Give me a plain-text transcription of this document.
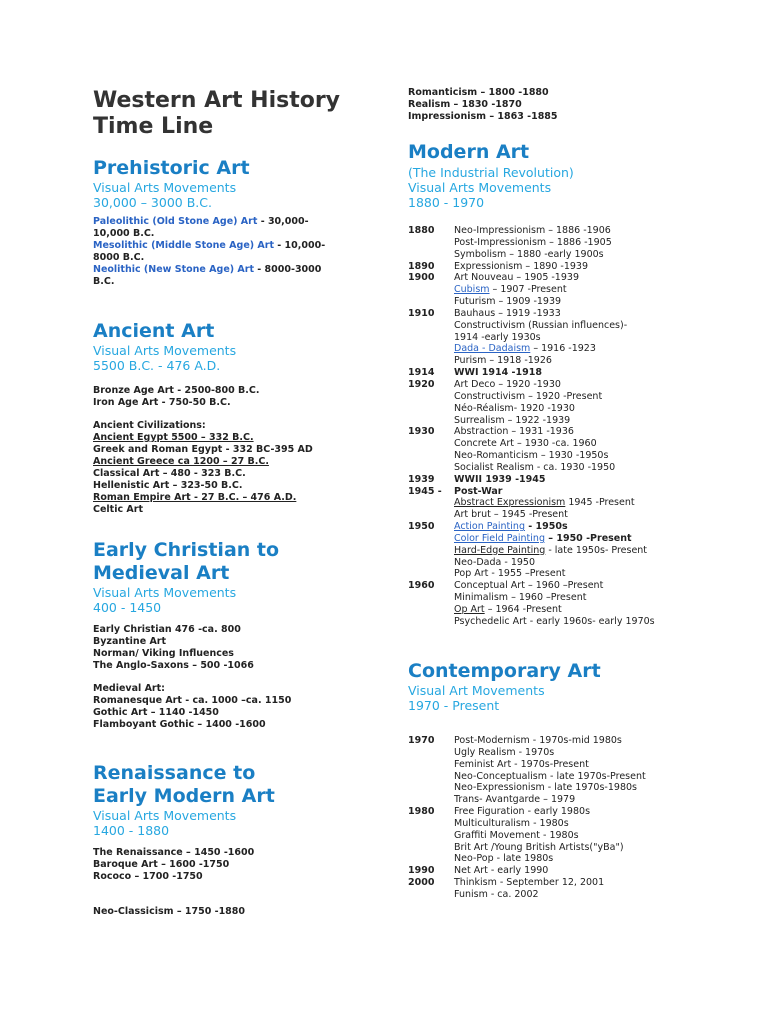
Western Art History
Time Line
Prehistoric Art
Visual Arts Movements
30,000 – 3000 B.C.
Paleolithic (Old Stone Age) Art - 30,000-
10,000 B.C.
Mesolithic (Middle Stone Age) Art - 10,000-
8000 B.C.
Neolithic (New Stone Age) Art - 8000-3000
B.C.
Ancient Art
Visual Arts Movements
5500 B.C. - 476 A.D.
Bronze Age Art - 2500-800 B.C.
Iron Age Art - 750-50 B.C.
Ancient Civilizations:
Ancient Egypt 5500 – 332 B.C.
Greek and Roman Egypt - 332 BC-395 AD
Ancient Greece ca 1200 – 27 B.C.
Classical Art – 480 - 323 B.C.
Hellenistic Art – 323-50 B.C.
Roman Empire Art - 27 B.C. – 476 A.D.
Celtic Art
Early Christian to
Medieval Art
Visual Arts Movements
400 - 1450
Early Christian 476 -ca. 800
Byzantine Art
Norman/ Viking Influences
The Anglo-Saxons – 500 -1066
Medieval Art:
Romanesque Art - ca. 1000 –ca. 1150
Gothic Art – 1140 -1450
Flamboyant Gothic – 1400 -1600
Renaissance to
Early Modern Art
Visual Arts Movements
1400 - 1880
The Renaissance – 1450 -1600
Baroque Art – 1600 -1750
Rococo – 1700 -1750
Neo-Classicism – 1750 -1880
Romanticism – 1800 -1880
Realism – 1830 -1870
Impressionism – 1863 -1885
Modern Art
(The Industrial Revolution)
Visual Arts Movements
1880 - 1970
1880 Neo-Impressionism – 1886 -1906
Post-Impressionism – 1886 -1905
Symbolism – 1880 -early 1900s
1890 Expressionism – 1890 -1939
1900 Art Nouveau – 1905 -1939
Cubism – 1907 -Present
Futurism – 1909 -1939
1910 Bauhaus – 1919 -1933
Constructivism (Russian influences)-
1914 -early 1930s
Dada - Dadaism – 1916 -1923
Purism – 1918 -1926
1914 WWI 1914 -1918
1920 Art Deco – 1920 -1930
Constructivism – 1920 -Present
Néo-Réalism- 1920 -1930
Surrealism – 1922 -1939
1930 Abstraction – 1931 -1936
Concrete Art – 1930 -ca. 1960
Neo-Romanticism – 1930 -1950s
Socialist Realism - ca. 1930 -1950
1939 WWII 1939 -1945
1945 - Post-War
Abstract Expressionism 1945 -Present
Art brut – 1945 -Present
1950 Action Painting - 1950s
Color Field Painting – 1950 -Present
Hard-Edge Painting - late 1950s- Present
Neo-Dada - 1950
Pop Art - 1955 –Present
1960 Conceptual Art – 1960 –Present
Minimalism – 1960 –Present
Op Art – 1964 -Present
Psychedelic Art - early 1960s- early 1970s
Contemporary Art
Visual Art Movements
1970 - Present
1970 Post-Modernism - 1970s-mid 1980s
Ugly Realism - 1970s
Feminist Art - 1970s-Present
Neo-Conceptualism - late 1970s-Present
Neo-Expressionism - late 1970s-1980s
Trans- Avantgarde – 1979
1980 Free Figuration - early 1980s
Multiculturalism - 1980s
Graffiti Movement - 1980s
Brit Art /Young British Artists("yBa")
Neo-Pop - late 1980s
1990 Net Art - early 1990
2000 Thinkism - September 12, 2001
Funism - ca. 2002
